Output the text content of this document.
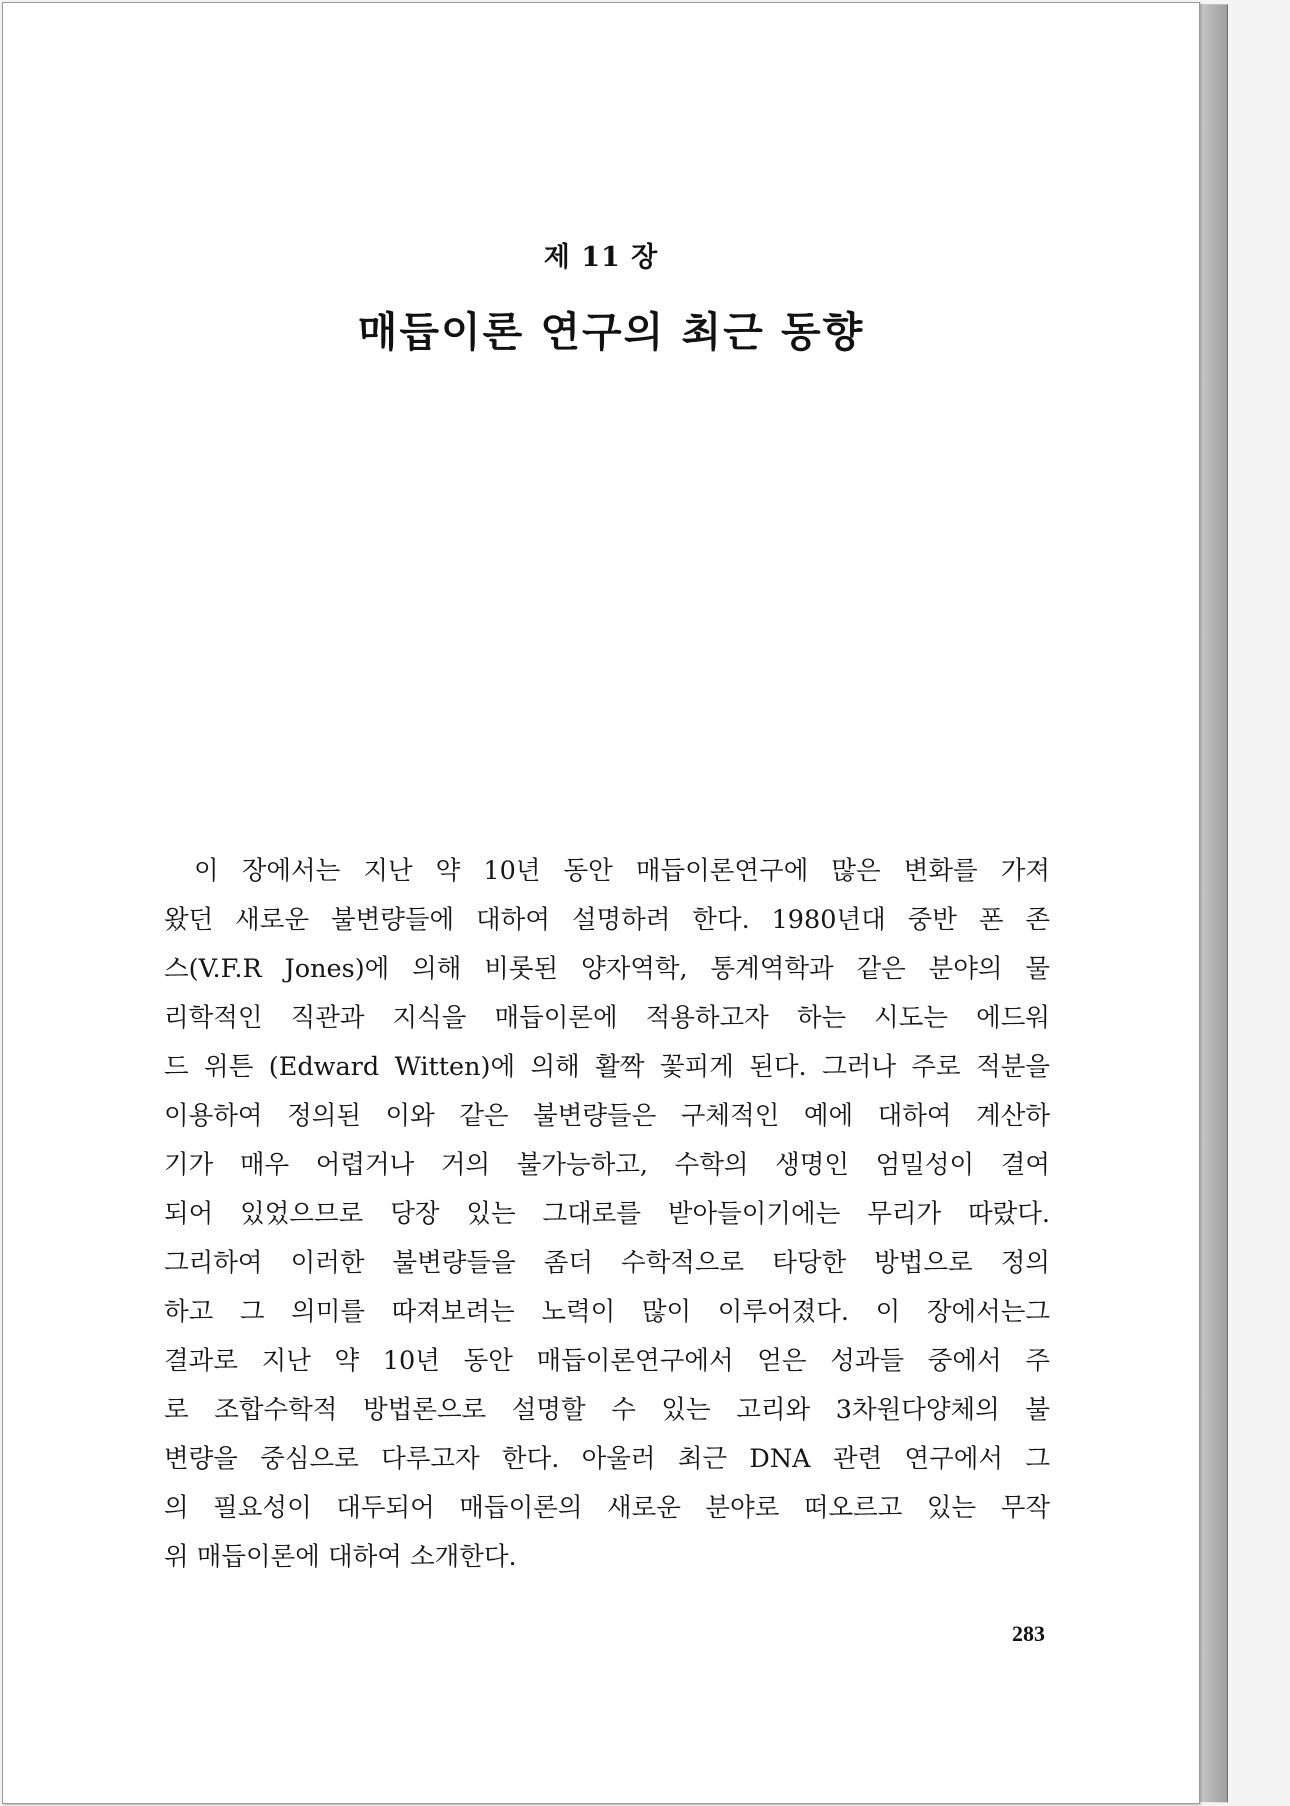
제 11 장
매듭이론 연구의 최근 동향
이 장에서는 지난 약 10년 동안 매듭이론연구에 많은 변화를 가져
왔던 새로운 불변량들에 대하여 설명하려 한다. 1980년대 중반 폰 존
스(V.F.R Jones)에 의해 비롯된 양자역학, 통계역학과 같은 분야의 물
리학적인 직관과 지식을 매듭이론에 적용하고자 하는 시도는 에드워
드 위튼 (Edward Witten)에 의해 활짝 꽃피게 된다. 그러나 주로 적분을
이용하여 정의된 이와 같은 불변량들은 구체적인 예에 대하여 계산하
기가 매우 어렵거나 거의 불가능하고, 수학의 생명인 엄밀성이 결여
되어 있었으므로 당장 있는 그대로를 받아들이기에는 무리가 따랐다.
그리하여 이러한 불변량들을 좀더 수학적으로 타당한 방법으로 정의
하고 그 의미를 따져보려는 노력이 많이 이루어졌다. 이 장에서는그
결과로 지난 약 10년 동안 매듭이론연구에서 얻은 성과들 중에서 주
로 조합수학적 방법론으로 설명할 수 있는 고리와 3차원다양체의 불
변량을 중심으로 다루고자 한다. 아울러 최근 DNA 관련 연구에서 그
의 필요성이 대두되어 매듭이론의 새로운 분야로 떠오르고 있는 무작
위 매듭이론에 대하여 소개한다.
283
